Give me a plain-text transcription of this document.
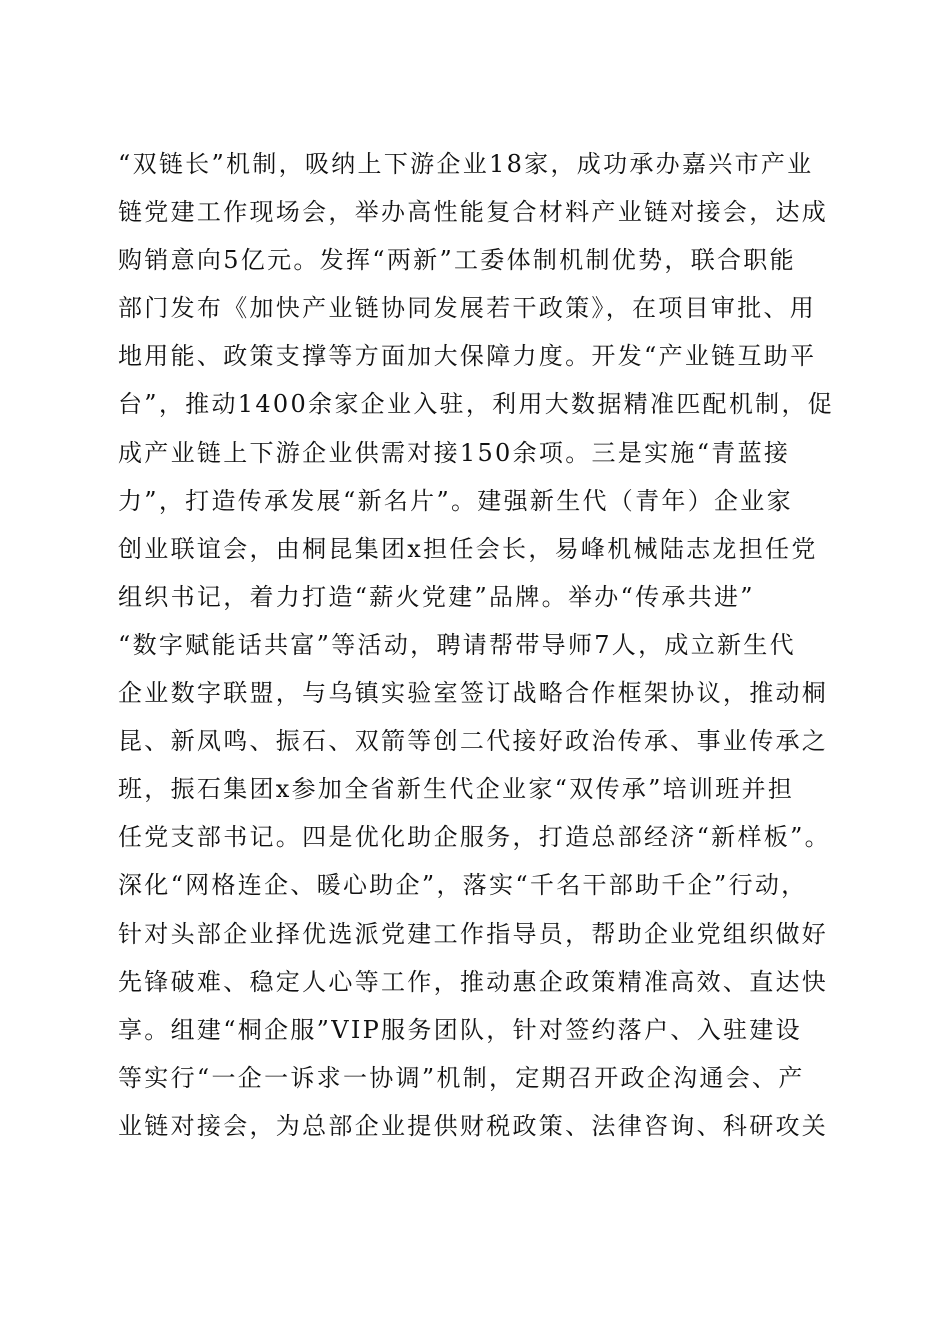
“双链长”机制，吸纳上下游企业18家，成功承办嘉兴市产业
链党建工作现场会，举办高性能复合材料产业链对接会，达成
购销意向5亿元。发挥“两新”工委体制机制优势，联合职能
部门发布《加快产业链协同发展若干政策》，在项目审批、用
地用能、政策支撑等方面加大保障力度。开发“产业链互助平
台”，推动1400余家企业入驻，利用大数据精准匹配机制，促
成产业链上下游企业供需对接150余项。三是实施“青蓝接
力”，打造传承发展“新名片”。建强新生代（青年）企业家
创业联谊会，由桐昆集团x担任会长，易峰机械陆志龙担任党
组织书记，着力打造“薪火党建”品牌。举办“传承共进”
“数字赋能话共富”等活动，聘请帮带导师7人，成立新生代
企业数字联盟，与乌镇实验室签订战略合作框架协议，推动桐
昆、新凤鸣、振石、双箭等创二代接好政治传承、事业传承之
班，振石集团x参加全省新生代企业家“双传承”培训班并担
任党支部书记。四是优化助企服务，打造总部经济“新样板”。
深化“网格连企、暖心助企”，落实“千名干部助千企”行动，
针对头部企业择优选派党建工作指导员，帮助企业党组织做好
先锋破难、稳定人心等工作，推动惠企政策精准高效、直达快
享。组建“桐企服”VIP服务团队，针对签约落户、入驻建设
等实行“一企一诉求一协调”机制，定期召开政企沟通会、产
业链对接会，为总部企业提供财税政策、法律咨询、科研攻关
